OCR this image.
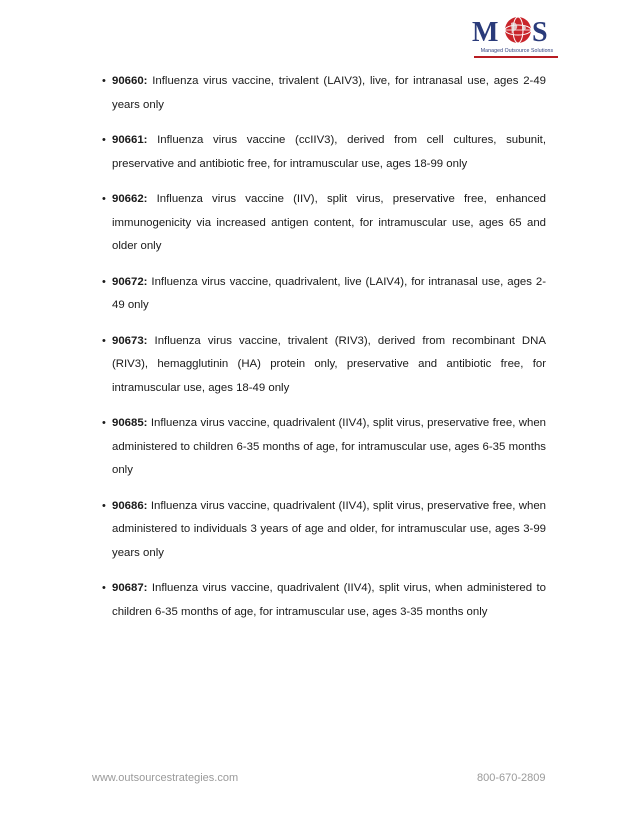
M S
Managed Outsource Solutions
• 90660: Influenza virus vaccine, trivalent (LAIV3), live, for intranasal use, ages 2-49 years only
• 90661: Influenza virus vaccine (ccIIV3), derived from cell cultures, subunit, preservative and antibiotic free, for intramuscular use, ages 18-99 only
• 90662: Influenza virus vaccine (IIV), split virus, preservative free, enhanced immunogenicity via increased antigen content, for intramuscular use, ages 65 and older only
• 90672: Influenza virus vaccine, quadrivalent, live (LAIV4), for intranasal use, ages 2-49 only
• 90673: Influenza virus vaccine, trivalent (RIV3), derived from recombinant DNA (RIV3), hemagglutinin (HA) protein only, preservative and antibiotic free, for intramuscular use, ages 18-49 only
• 90685: Influenza virus vaccine, quadrivalent (IIV4), split virus, preservative free, when administered to children 6-35 months of age, for intramuscular use, ages 6-35 months only
• 90686: Influenza virus vaccine, quadrivalent (IIV4), split virus, preservative free, when administered to individuals 3 years of age and older, for intramuscular use, ages 3-99 years only
• 90687: Influenza virus vaccine, quadrivalent (IIV4), split virus, when administered to children 6-35 months of age, for intramuscular use, ages 3-35 months only
www.outsourcestrategies.com	800-670-2809
